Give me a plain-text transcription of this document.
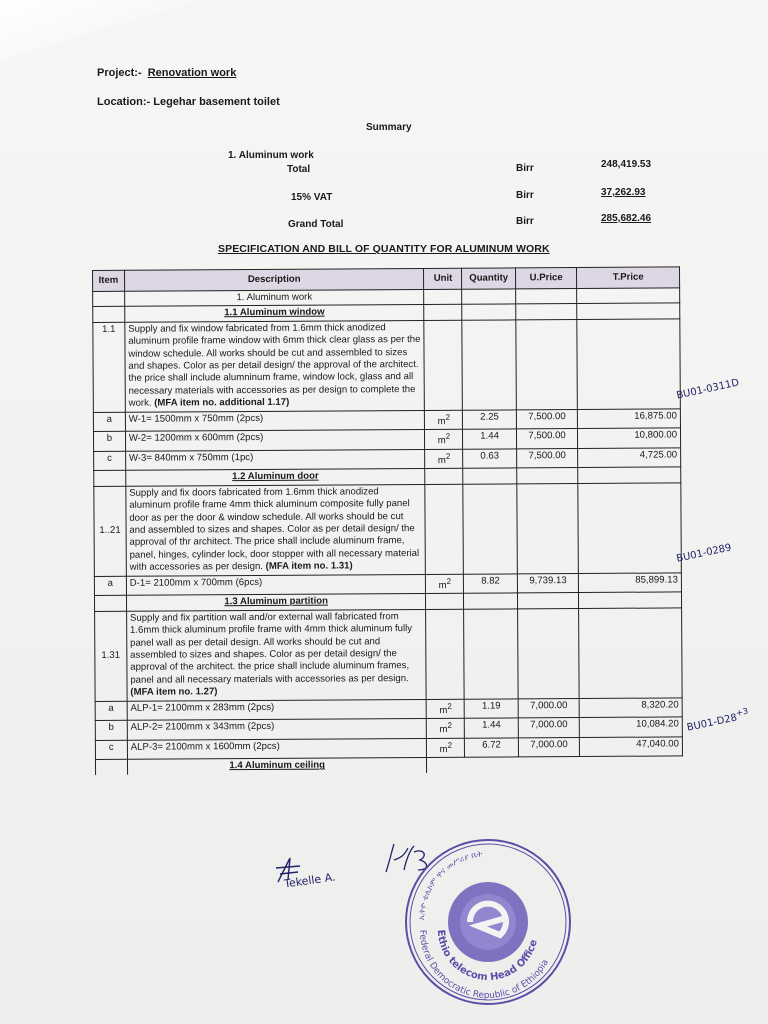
Project:- Renovation work
Location:- Legehar basement toilet
Summary
1. Aluminum work
Total	Birr	248,419.53
15% VAT	Birr	37,262.93
Grand Total	Birr	285,682.46
SPECIFICATION AND BILL OF QUANTITY FOR ALUMINUM WORK
Item	Description	Unit	Quantity	U.Price	T.Price
	1. Aluminum work				
	1.1 Aluminum window				
1.1	Supply and fix window fabricated from 1.6mm thick anodized aluminum profile frame window with 6mm thick clear glass as per the window schedule. All works should be cut and assembled to sizes and shapes. Color as per detail design/ the approval of the architect. the price shall include alumninum frame, window lock, glass and all necessary materials with accessories as per design to complete the work. (MFA item no. additional 1.17)				
a	W-1= 1500mm x 750mm (2pcs)	$m^2$	2.25	7,500.00	16,875.00
b	W-2= 1200mm x 600mm (2pcs)	$m^2$	1.44	7,500.00	10,800.00
c	W-3= 840mm x 750mm (1pc)	$m^2$	0.63	7,500.00	4,725.00
	1.2 Aluminum door				
1..21	Supply and fix doors fabricated from 1.6mm thick anodized aluminum profile frame 4mm thick aluminum composite fully panel door as per the door & window schedule. All works should be cut and assembled to sizes and shapes. Color as per detail design/ the approval of thr architect. The price shall include aluminum frame, panel, hinges, cylinder lock, door stopper with all necessary material with accessories as per design. (MFA item no. 1.31)				
a	D-1= 2100mm x 700mm (6pcs)	$m^2$	8.82	9,739.13	85,899.13
	1.3 Aluminum partition				
1.31	Supply and fix partition wall and/or external wall fabricated from 1.6mm thick aluminum profile frame with 4mm thick aluminum fully panel wall as per detail design. All works should be cut and assembled to sizes and shapes. Color as per detail design/ the approval of the architect. the price shall include aluminum frames, panel and all necessary materials with accessories as per design.
(MFA item no. 1.27)				
a	ALP-1= 2100mm x 283mm (2pcs)	$m^2$	1.19	7,000.00	8,320.20
b	ALP-2= 2100mm x 343mm (2pcs)	$m^2$	1.44	7,000.00	10,084.20
c	ALP-3= 2100mm x 1600mm (2pcs)	$m^2$	6.72	7,000.00	47,040.00
	1.4 Aluminum ceiling				
BU01-0311D
BU01-0289
$BU01-D28^{+3}$
Tekelle A.
Federal Democratic Republic of Ethiopia
Ethio telecom Head Office
ኢትዮ ቴሌኮም ዋና መሥሪያ ቤት
